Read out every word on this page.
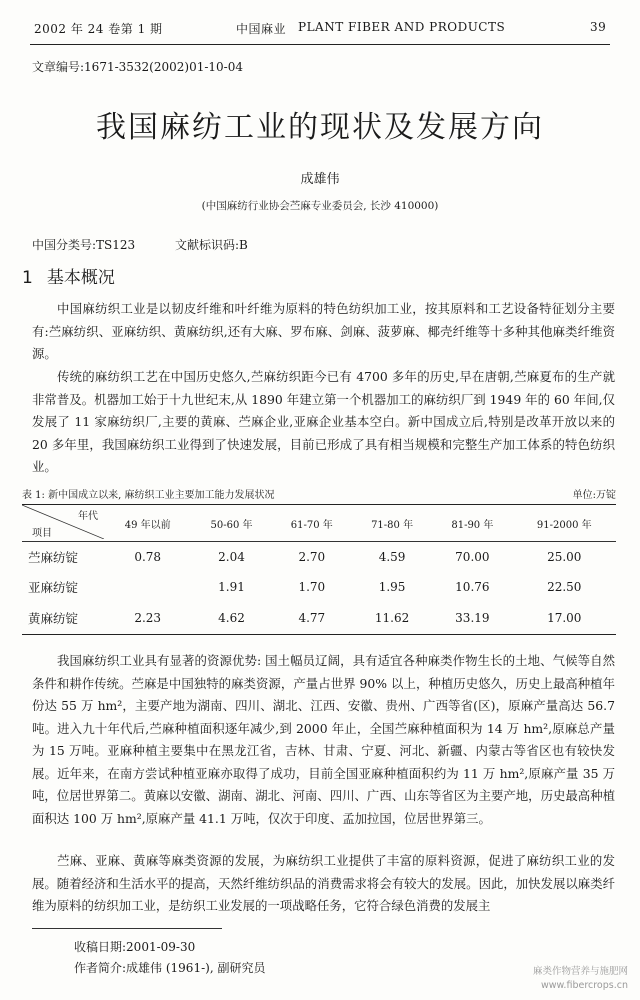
2002 年 24 卷第 1 期	中国麻业 PLANT FIBER AND PRODUCTS	39
文章编号:1671-3532(2002)01-10-04
我国麻纺工业的现状及发展方向
成雄伟
(中国麻纺行业协会苎麻专业委员会, 长沙 410000)
中国分类号:TS123	文献标识码:B
1 基本概况

中国麻纺织工业是以韧皮纤维和叶纤维为原料的特色纺织加工业，按其原料和工艺设备特征划分主要有:苎麻纺织、亚麻纺织、黄麻纺织,还有大麻、罗布麻、剑麻、菠萝麻、椰壳纤维等十多种其他麻类纤维资源。

传统的麻纺织工艺在中国历史悠久,苎麻纺织距今已有 4700 多年的历史,早在唐朝,苎麻夏布的生产就非常普及。机器加工始于十九世纪末,从 1890 年建立第一个机器加工的麻纺织厂到 1949 年的 60 年间,仅发展了 11 家麻纺织厂,主要的黄麻、苎麻企业,亚麻企业基本空白。新中国成立后,特别是改革开放以来的 20 多年里，我国麻纺织工业得到了快速发展，目前已形成了具有相当规模和完整生产加工体系的特色纺织业。

表 1: 新中国成立以来, 麻纺织工业主要加工能力发展状况	单位:万锭
年代
项目	49 年以前	50-60 年	61-70 年	71-80 年	81-90 年	91-2000 年
苎麻纺锭	0.78	2.04	2.70	4.59	70.00	25.00
亚麻纺锭		1.91	1.70	1.95	10.76	22.50
黄麻纺锭	2.23	4.62	4.77	11.62	33.19	17.00

我国麻纺织工业具有显著的资源优势: 国土幅员辽阔，具有适宜各种麻类作物生长的土地、气候等自然条件和耕作传统。苎麻是中国独特的麻类资源，产量占世界 90% 以上，种植历史悠久，历史上最高种植年份达 55 万 hm²，主要产地为湖南、四川、湖北、江西、安徽、贵州、广西等省(区)，原麻产量高达 56.7 吨。进入九十年代后,苎麻种植面积逐年减少,到 2000 年止，全国苎麻种植面积为 14 万 hm²,原麻总产量为 15 万吨。亚麻种植主要集中在黑龙江省，吉林、甘肃、宁夏、河北、新疆、内蒙古等省区也有较快发展。近年来，在南方尝试种植亚麻亦取得了成功，目前全国亚麻种植面积约为 11 万 hm²,原麻产量 35 万吨，位居世界第二。黄麻以安徽、湖南、湖北、河南、四川、广西、山东等省区为主要产地，历史最高种植面积达 100 万 hm²,原麻产量 41.1 万吨，仅次于印度、孟加拉国，位居世界第三。

苎麻、亚麻、黄麻等麻类资源的发展，为麻纺织工业提供了丰富的原料资源，促进了麻纺织工业的发展。随着经济和生活水平的提高，天然纤维纺织品的消费需求将会有较大的发展。因此，加快发展以麻类纤维为原料的纺织加工业，是纺织工业发展的一项战略任务，它符合绿色消费的发展主

收稿日期:2001-09-30
作者简介:成雄伟 (1961-), 副研究员	麻类作物营养与施肥网
www.fibercrops.cn
